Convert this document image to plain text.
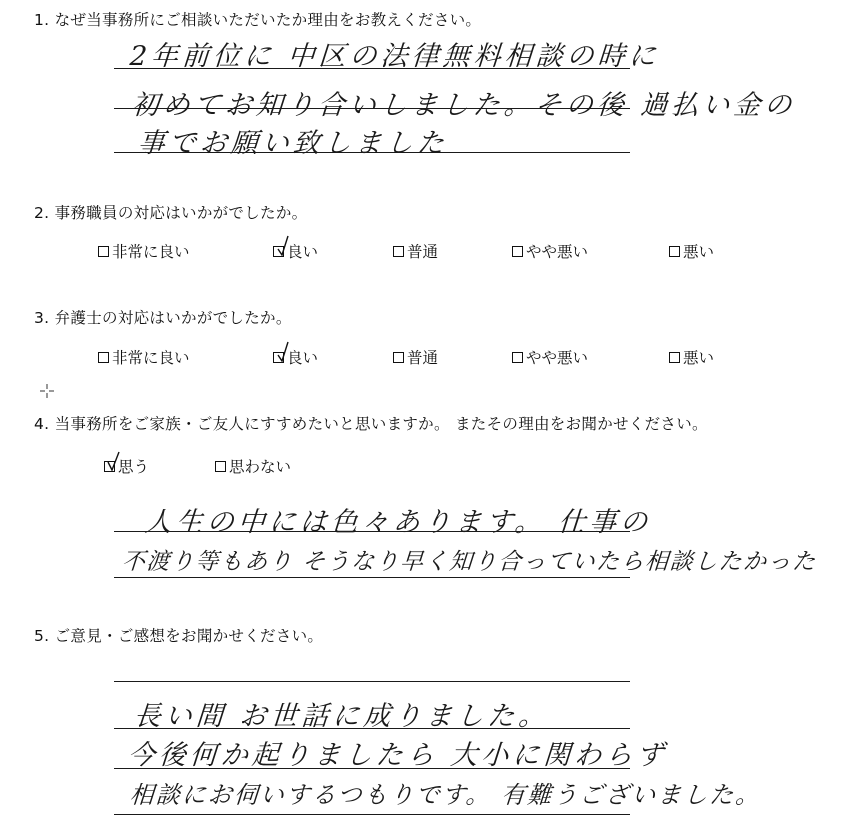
1. なぜ当事務所にご相談いただいたか理由をお教えください。
2年前位に 中区の法律無料相談の時に
初めてお知り合いしました。その後 過払い金の
事でお願い致しました
2. 事務職員の対応はいかがでしたか。
非常に良い	良い	普通	やや悪い	悪い
3. 弁護士の対応はいかがでしたか。
非常に良い	良い	普通	やや悪い	悪い
4. 当事務所をご家族・ご友人にすすめたいと思いますか。 またその理由をお聞かせください。
思う	思わない
人生の中には色々あります。 仕事の
不渡り等もあり そうなり早く知り合っていたら相談したかった
5. ご意見・ご感想をお聞かせください。
長い間 お世話に成りました。
今後何か起りましたら 大小に関わらず
相談にお伺いするつもりです。 有難うございました。
